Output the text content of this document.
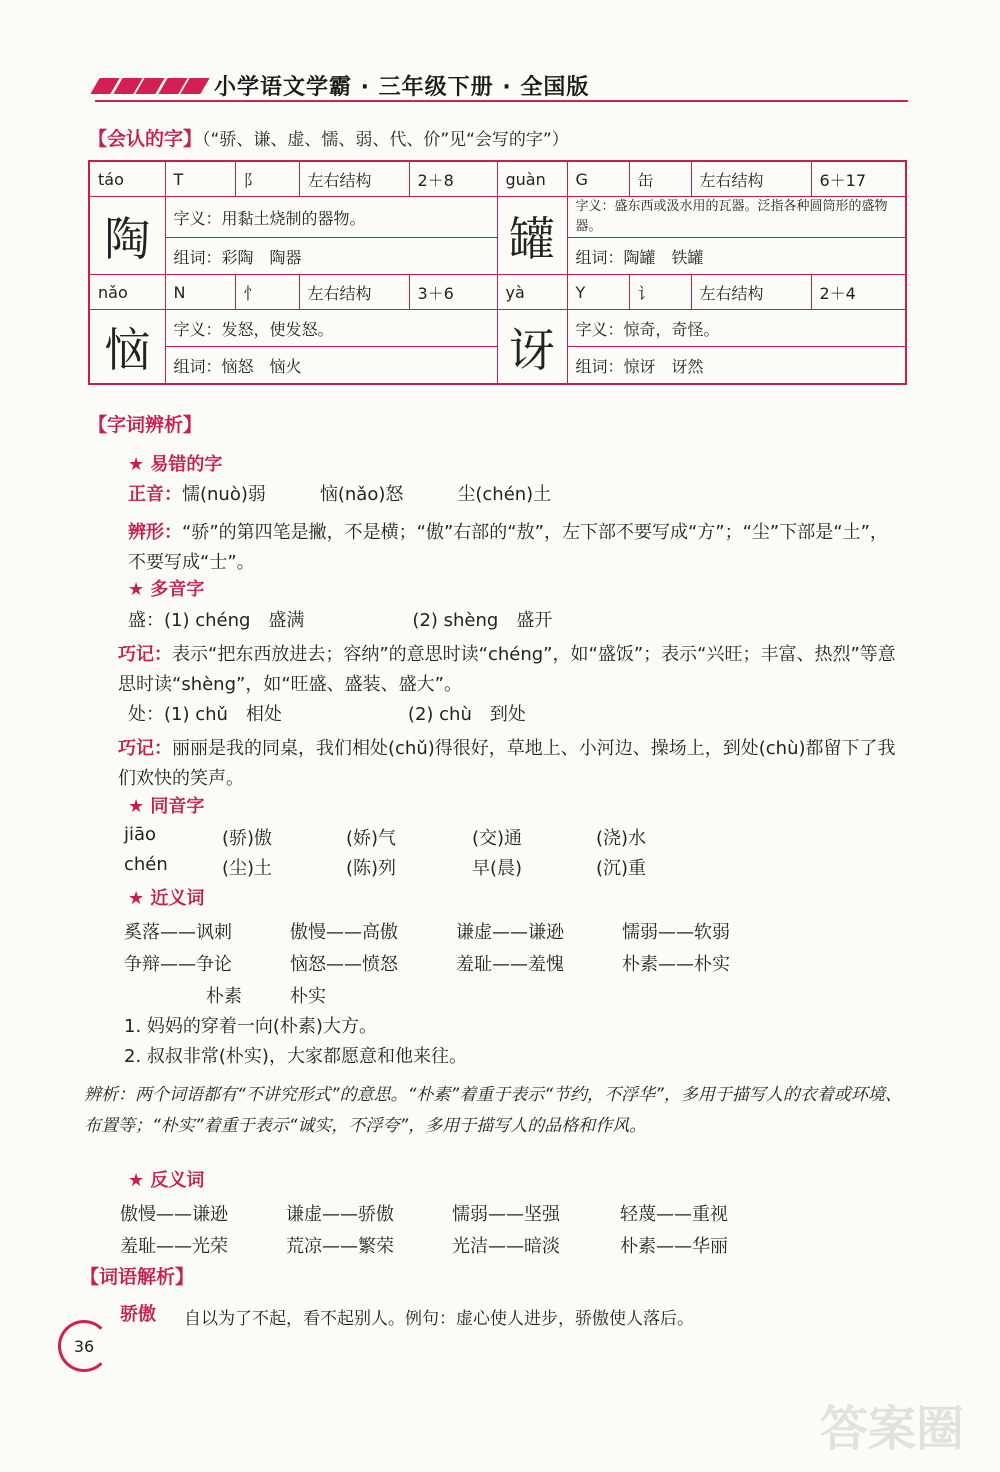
小学语文学霸 · 三年级下册 · 全国版
【会认的字】（“骄、谦、虚、懦、弱、代、价”见“会写的字”）
táo	T	阝	左右结构	2＋8	guàn	G	缶	左右结构	6＋17
陶	字义：用黏土烧制的器物。				罐	字义：盛东西或汲水用的瓦器。泛指各种圆筒形的盛物器。			
	组词：彩陶　陶器					组词：陶罐　铁罐			
nǎo	N	忄	左右结构	3＋6	yà	Y	讠	左右结构	2＋4
恼	字义：发怒，使发怒。				讶	字义：惊奇，奇怪。			
	组词：恼怒　恼火					组词：惊讶　讶然			
【字词辨析】
★ 易错的字
正音：懦(nuò)弱　　　恼(nǎo)怒　　　尘(chén)土
辨形：“骄”的第四笔是撇，不是横；“傲”右部的“敖”，左下部不要写成“方”；“尘”下部是“土”，不要写成“士”。
★ 多音字
盛：(1) chéng　盛满　　　　　　(2) shèng　盛开
巧记：表示“把东西放进去；容纳”的意思时读“chéng”，如“盛饭”；表示“兴旺；丰富、热烈”等意思时读“shèng”，如“旺盛、盛装、盛大”。
处：(1) chǔ　相处　　　　　　　(2) chù　到处
巧记：丽丽是我的同桌，我们相处(chǔ)得很好，草地上、小河边、操场上，到处(chù)都留下了我们欢快的笑声。
★ 同音字
jiāo	(骄)傲	(娇)气	(交)通	(浇)水
chén	(尘)土	(陈)列	早(晨)	(沉)重
★ 近义词
奚落——讽刺	傲慢——高傲	谦虚——谦逊	懦弱——软弱
争辩——争论	恼怒——愤怒	羞耻——羞愧	朴素——朴实
朴素	朴实
1. 妈妈的穿着一向(朴素)大方。
2. 叔叔非常(朴实)，大家都愿意和他来往。
辨析：两个词语都有“不讲究形式”的意思。“朴素”着重于表示“节约，不浮华”，多用于描写人的衣着或环境、布置等；“朴实”着重于表示“诚实，不浮夸”，多用于描写人的品格和作风。
★ 反义词
傲慢——谦逊	谦虚——骄傲	懦弱——坚强	轻蔑——重视
羞耻——光荣	荒凉——繁荣	光洁——暗淡	朴素——华丽
【词语解析】
骄傲 自以为了不起，看不起别人。例句：虚心使人进步，骄傲使人落后。
36
答案圈
